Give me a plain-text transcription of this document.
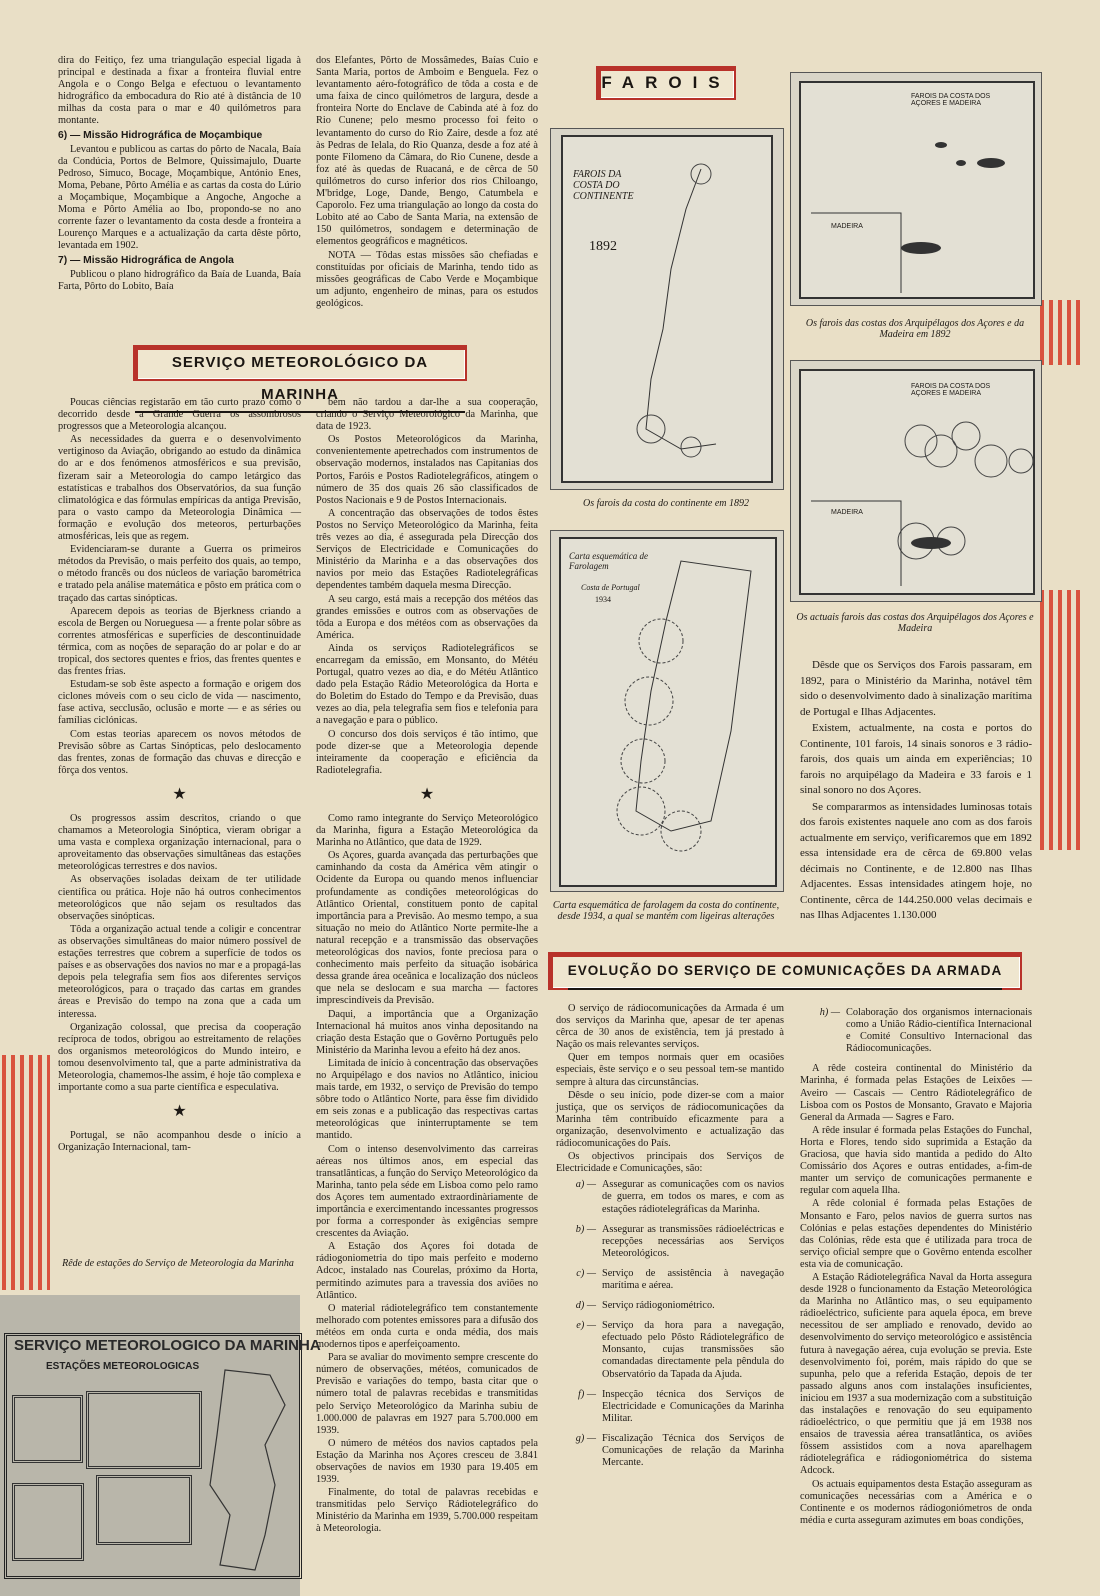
dira do Feitiço, fez uma triangulação especial ligada à principal e destinada a fixar a fronteira fluvial entre Angola e o Congo Belga e efectuou o levantamento hidrográfico da embocadura do Rio até à distância de 10 milhas da costa para o mar e 40 quilómetros para montante.

6) — Missão Hidrográfica de Moçambique

Levantou e publicou as cartas do pôrto de Nacala, Baía da Condúcia, Portos de Belmore, Quissimajulo, Duarte Pedroso, Simuco, Bocage, Moçambique, António Enes, Moma, Pebane, Pôrto Amélia e as cartas da costa do Lúrio a Moçambique, Moçambique a Angoche, Angoche a Moma e Pôrto Amélia ao Ibo, propondo-se no ano corrente fazer o levantamento da costa desde a fronteira a Lourenço Marques e a actualização da carta dêste pôrto, levantada em 1902.

7) — Missão Hidrográfica de Angola

Publicou o plano hidrográfico da Baía de Luanda, Baía Farta, Pôrto do Lobito, Baía

dos Elefantes, Pôrto de Mossâmedes, Baías Cuio e Santa Maria, portos de Amboim e Benguela. Fez o levantamento aéro-fotográfico de tôda a costa e de uma faixa de cinco quilómetros de largura, desde a fronteira Norte do Enclave de Cabinda até à foz do Rio Cunene; pelo mesmo processo foi feito o levantamento do curso do Rio Zaire, desde a foz até às Pedras de Ielala, do Rio Quanza, desde a foz até à ponte Filomeno da Câmara, do Rio Cunene, desde a foz até às quedas de Ruacaná, e de cêrca de 50 quilómetros do curso inferior dos rios Chiloango, M'bridge, Loge, Dande, Bengo, Catumbela e Caporolo. Fez uma triangulação ao longo da costa do Lobito até ao Cabo de Santa Maria, na extensão de 150 quilómetros, sondagem e determinação de elementos geográficos e magnéticos.

NOTA — Tôdas estas missões são chefiadas e constituídas por oficiais de Marinha, tendo tido as missões geográficas de Cabo Verde e Moçambique um adjunto, engenheiro de minas, para os estudos geológicos.

SERVIÇO METEOROLÓGICO DA MARINHA

Poucas ciências registarão em tão curto prazo como o decorrido desde a Grande Guerra os assombrosos progressos que a Meteorologia alcançou.

As necessidades da guerra e o desenvolvimento vertiginoso da Aviação, obrigando ao estudo da dinâmica do ar e dos fenómenos atmosféricos e sua previsão, fizeram sair a Meteorologia do campo letárgico das estatísticas e trabalhos dos Observatórios, da sua função climatológica e das fórmulas empíricas da antiga Previsão, para o vasto campo da Meteorologia Dinâmica — formação e evolução dos meteoros, perturbações atmosféricas, leis que as regem.

Evidenciaram-se durante a Guerra os primeiros métodos da Previsão, o mais perfeito dos quais, ao tempo, o método francês ou dos núcleos de variação barométrica e tratado pela análise matemática e pôsto em prática com o traçado das cartas sinópticas.

Aparecem depois as teorias de Bjerkness criando a escola de Bergen ou Norueguesa — a frente polar sôbre as correntes atmosféricas e superfícies de descontinuidade térmica, com as noções de separação do ar polar e do ar tropical, dos sectores quentes e frios, das frentes quentes e das frentes frias.

Estudam-se sob êste aspecto a formação e origem dos ciclones móveis com o seu ciclo de vida — nascimento, fase activa, secclusão, oclusão e morte — e as séries ou famílias ciclónicas.

Com estas teorias aparecem os novos métodos de Previsão sôbre as Cartas Sinópticas, pelo deslocamento das frentes, zonas de formação das chuvas e direcção e fôrça dos ventos.

★

Os progressos assim descritos, criando o que chamamos a Meteorologia Sinóptica, vieram obrigar a uma vasta e complexa organização internacional, para o aproveitamento das observações simultâneas das estações meteorológicas terrestres e dos navios.

As observações isoladas deixam de ter utilidade científica ou prática. Hoje não há outros conhecimentos meteorológicos que não sejam os resultados das observações sinópticas.

Tôda a organização actual tende a coligir e concentrar as observações simultâneas do maior número possível de estações terrestres que cobrem a superfície de todos os países e as observações dos navios no mar e a propagá-las depois pela telegrafia sem fios aos diferentes serviços meteorológicos, para o traçado das cartas em grandes áreas e Previsão do tempo na zona que a cada um interessa.

Organização colossal, que precisa da cooperação recíproca de todos, obrigou ao estreitamento de relações dos organismos meteorológicos do Mundo inteiro, e tomou desenvolvimento tal, que a parte administrativa da Meteorologia, chamemos-lhe assim, é hoje tão complexa e importante como a sua parte científica e especulativa.

★

Portugal, se não acompanhou desde o início a Organização Internacional, tam-

Rêde de estações do Serviço de Meteorologia da Marinha

bém não tardou a dar-lhe a sua cooperação, criando o Serviço Meteorológico da Marinha, que data de 1923.

Os Postos Meteorológicos da Marinha, convenientemente apetrechados com instrumentos de observação modernos, instalados nas Capitanias dos Portos, Faróis e Postos Radiotelegráficos, atingem o número de 35 dos quais 26 são classificados de Postos Nacionais e 9 de Postos Internacionais.

A concentração das observações de todos êstes Postos no Serviço Meteorológico da Marinha, feita três vezes ao dia, é assegurada pela Direcção dos Serviços de Electricidade e Comunicações do Ministério da Marinha e a das observações dos navios por meio das Estações Radiotelegráficas dependentes também daquela mesma Direcção.

A seu cargo, está mais a recepção dos météos das grandes emissões e outros com as observações de tôda a Europa e dos météos com as observações da América.

Ainda os serviços Radiotelegráficos se encarregam da emissão, em Monsanto, do Météu Portugal, quatro vezes ao dia, e do Météu Atlântico dado pela Estação Rádio Meteorológica da Horta e do Boletim do Estado do Tempo e da Previsão, duas vezes ao dia, pela telegrafia sem fios e telefonia para a navegação e para o público.

O concurso dos dois serviços é tão íntimo, que pode dizer-se que a Meteorologia depende inteiramente da cooperação e eficiência da Radiotelegrafia.

★

Como ramo integrante do Serviço Meteorológico da Marinha, figura a Estação Meteorológica da Marinha no Atlântico, que data de 1929.

Os Açores, guarda avançada das perturbações que caminhando da costa da América vêm atingir o Ocidente da Europa ou quando menos influenciar profundamente as condições meteorológicas do Atlântico Oriental, constituem ponto de capital importância para a Previsão. Ao mesmo tempo, a sua situação no meio do Atlântico Norte permite-lhe a natural recepção e a transmissão das observações meteorológicas dos navios, fonte preciosa para o conhecimento mais perfeito da situação isobárica dessa grande área oceânica e localização dos núcleos que nela se deslocam e sua marcha — factores imprescindíveis da Previsão.

Daqui, a importância que a Organização Internacional há muitos anos vinha depositando na criação desta Estação que o Govêrno Português pelo Ministério da Marinha levou a efeito há dez anos.

Limitada de início à concentração das observações no Arquipélago e dos navios no Atlântico, iniciou mais tarde, em 1932, o serviço de Previsão do tempo sôbre todo o Atlântico Norte, para êsse fim dividido em seis zonas e a publicação das respectivas cartas meteorológicas que ininterruptamente se tem mantido.

Com o intenso desenvolvimento das carreiras aéreas nos últimos anos, em especial das transatlânticas, a função do Serviço Meteorológico da Marinha, tanto pela séde em Lisboa como pelo ramo dos Açores tem aumentado extraordinàriamente de importância e exercimentando incessantes progressos por forma a corresponder às exigências sempre crescentes da Aviação.

A Estação dos Açores foi dotada de rádiogoniometria do tipo mais perfeito e moderno Adcoc, instalado nas Courelas, próximo da Horta, permitindo azimutes para a travessia dos aviões no Atlântico.

O material rádiotelegráfico tem constantemente melhorado com potentes emissores para a difusão dos météos em onda curta e onda média, dos mais modernos tipos e aperfeiçoamento.

Para se avaliar do movimento sempre crescente do número de observações, météos, comunicados de Previsão e variações do tempo, basta citar que o número total de palavras recebidas e transmitidas pelo Serviço Meteorológico da Marinha subiu de 1.000.000 de palavras em 1927 para 5.700.000 em 1939.

O número de météos dos navios captados pela Estação da Marinha nos Açores cresceu de 3.841 observações de navios em 1930 para 19.405 em 1939.

Finalmente, do total de palavras recebidas e transmitidas pelo Serviço Rádiotelegráfico do Ministério da Marinha em 1939, 5.700.000 respeitam à Meteorologia.

SERVIÇO METEOROLOGICO DA MARINHA
ESTAÇÕES METEOROLOGICAS
FAROIS
FAROIS DA COSTA DO CONTINENTE
1892
Os farois da costa do continente em 1892
Carta esquemática de Farolagem
Costa de Portugal
1934
Carta esquemática de farolagem da costa do continente, desde 1934, a qual se mantém com ligeiras alterações
FAROIS DA COSTA DOS AÇORES E MADEIRA
MADEIRA
Os farois das costas dos Arquipélagos dos Açores e da Madeira em 1892
FAROIS DA COSTA DOS AÇORES E MADEIRA
MADEIRA
Os actuais farois das costas dos Arquipélagos dos Açores e Madeira

Dêsde que os Serviços dos Farois passaram, em 1892, para o Ministério da Marinha, notável têm sido o desenvolvimento dado à sinalização marítima de Portugal e Ilhas Adjacentes.

Existem, actualmente, na costa e portos do Continente, 101 farois, 14 sinais sonoros e 3 rádio-farois, dos quais um ainda em experiências; 10 farois no arquipélago da Madeira e 33 farois e 1 sinal sonoro no dos Açores.

Se compararmos as intensidades luminosas totais dos farois existentes naquele ano com as dos farois actualmente em serviço, verificaremos que em 1892 essa intensidade era de cêrca de 69.800 velas décimais no Continente, e de 12.800 nas Ilhas Adjacentes. Essas intensidades atingem hoje, no Continente, cêrca de 144.250.000 velas decimais e nas Ilhas Adjacentes 1.130.000

EVOLUÇÃO DO SERVIÇO DE COMUNICAÇÕES DA ARMADA

O serviço de rádiocomunicações da Armada é um dos serviços da Marinha que, apesar de ter apenas cêrca de 30 anos de existência, tem já prestado à Nação os mais relevantes serviços.

Quer em tempos normais quer em ocasiões especiais, êste serviço e o seu pessoal tem-se mantido sempre à altura das circunstâncias.

Dêsde o seu início, pode dizer-se com a maior justiça, que os serviços de rádiocomunicações da Marinha têm contribuído eficazmente para a organização, desenvolvimento e actualização das rádiocomunicações do País.

Os objectivos principais dos Serviços de Electricidade e Comunicações, são:

a) — Assegurar as comunicações com os navios de guerra, em todos os mares, e com as estações rádiotelegráficas da Marinha.
b) — Assegurar as transmissões rádioeléctricas e recepções necessárias aos Serviços Meteorológicos.
c) — Serviço de assistência à navegação marítima e aérea.
d) — Serviço rádiogoniométrico.
e) — Serviço da hora para a navegação, efectuado pelo Pôsto Rádiotelegráfico de Monsanto, cujas transmissões são comandadas directamente pela pêndula do Observatório da Tapada da Ajuda.
f) — Inspecção técnica dos Serviços de Electricidade e Comunicações da Marinha Militar.
g) — Fiscalização Técnica dos Serviços de Comunicações de relação da Marinha Mercante.
h) — Colaboração dos organismos internacionais como a União Rádio-científica Internacional e Comité Consultivo Internacional das Rádiocomunicações.

A rêde costeira continental do Ministério da Marinha, é formada pelas Estações de Leixões — Aveiro — Cascais — Centro Rádiotelegráfico de Lisboa com os Postos de Monsanto, Gravato e Majoria General da Armada — Sagres e Faro.

A rêde insular é formada pelas Estações do Funchal, Horta e Flores, tendo sido suprimida a Estação da Graciosa, que havia sido mantida a pedido do Alto Comissário dos Açores e outras entidades, a-fim-de manter um serviço de comunicações permanente e regular com aquela Ilha.

A rêde colonial é formada pelas Estações de Monsanto e Faro, pelos navios de guerra surtos nas Colónias e pelas estações dependentes do Ministério das Colónias, rêde esta que é utilizada para troca de serviço oficial sempre que o Govêrno entenda escolher esta via de comunicação.

A Estação Rádiotelegráfica Naval da Horta assegura desde 1928 o funcionamento da Estação Meteorológica da Marinha no Atlântico mas, o seu equipamento rádioeléctrico, suficiente para aquela época, em breve necessitou de ser ampliado e renovado, devido ao desenvolvimento do serviço meteorológico e assistência futura à navegação aérea, cuja evolução se previa. Este desenvolvimento foi, porém, mais rápido do que se supunha, pelo que a referida Estação, depois de ter passado alguns anos com instalações insuficientes, iniciou em 1937 a sua modernização com a substituição das instalações e renovação do seu equipamento rádioeléctrico, o que permitiu que já em 1938 nos ensaios de travessia aérea transatlântica, os aviões fôssem assistidos com a nova aparelhagem rádiotelegráfica e rádiogoniométrica do sistema Adcock.

Os actuais equipamentos desta Estação asseguram as comunicações necessárias com a América e o Continente e os modernos rádiogoniómetros de onda média e curta asseguram azimutes em boas condições,
